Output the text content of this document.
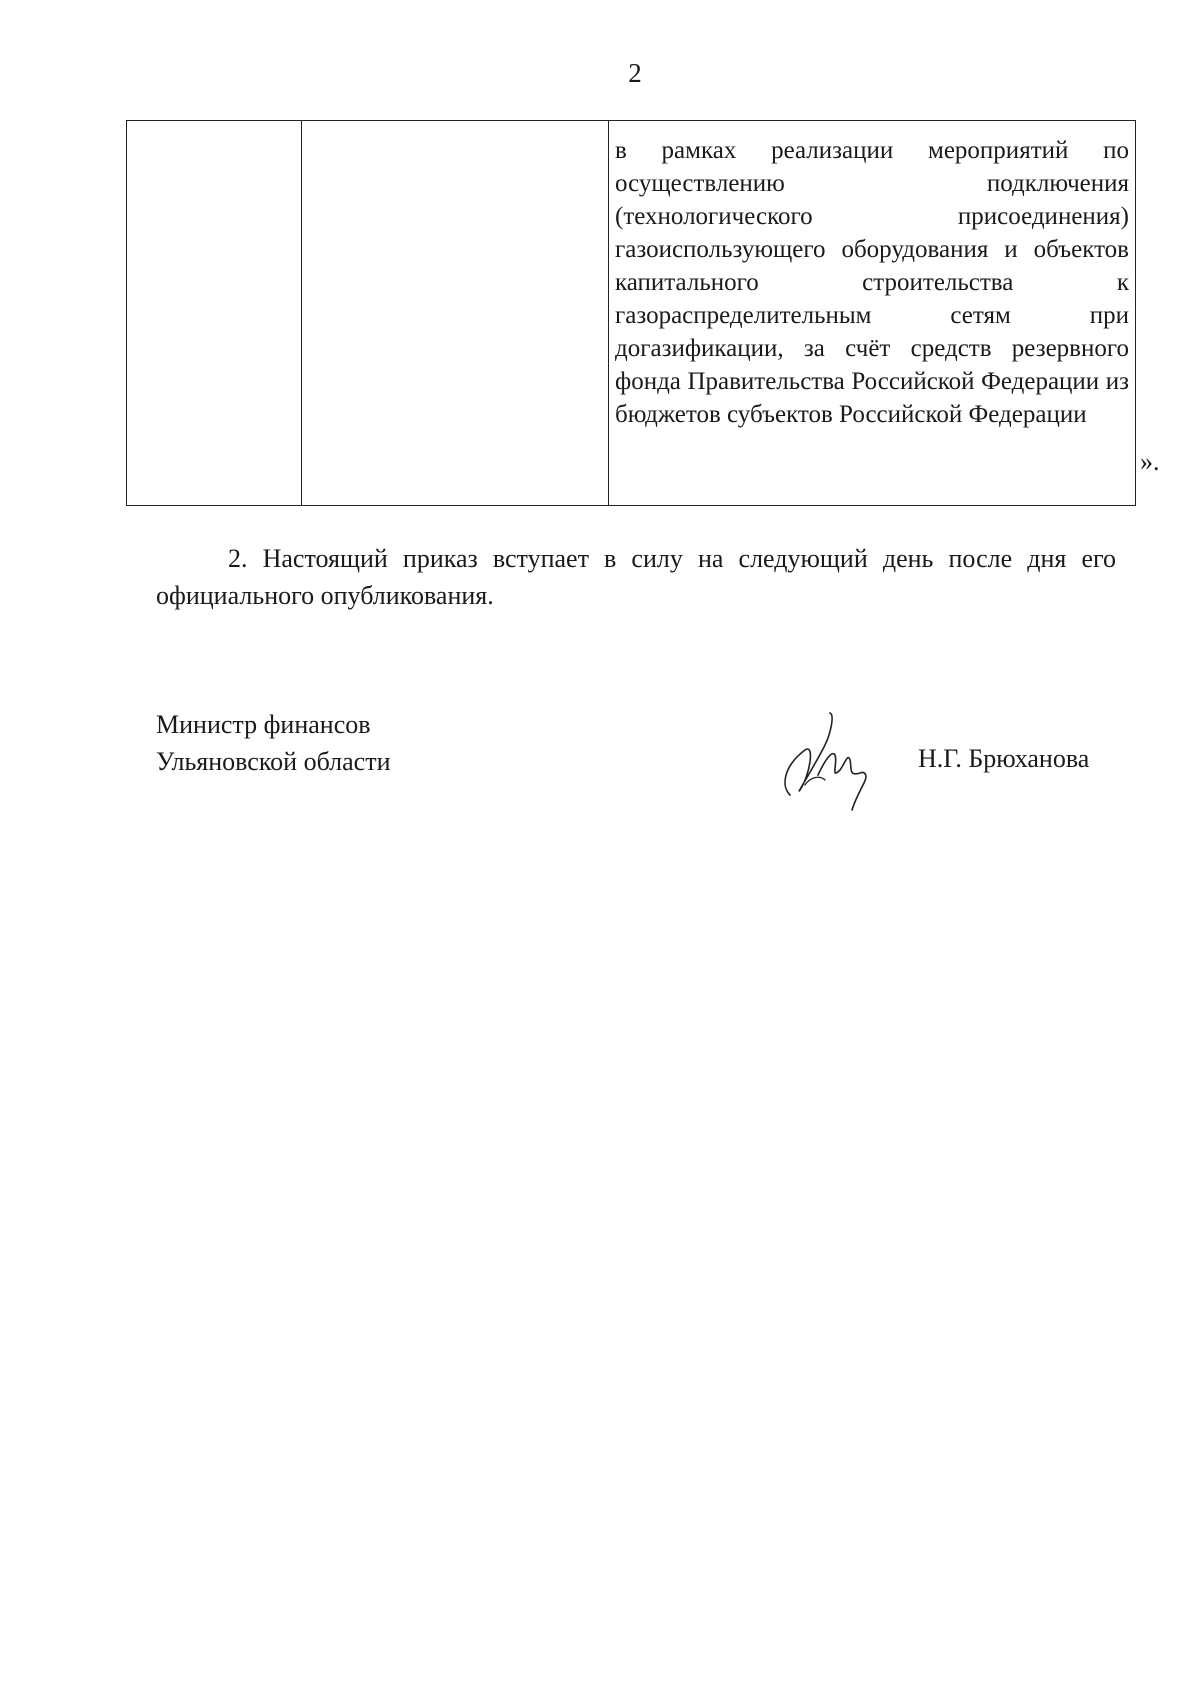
2

в рамках реализации мероприятий по осуществлению подключения (технологического присоединения) газоиспользующего оборудования и объектов капитального строительства к газораспределительным сетям при догазификации, за счёт средств резервного фонда Правительства Российской Федерации из бюджетов субъектов Российской Федерации
».

2. Настоящий приказ вступает в силу на следующий день после дня его официального опубликования.

Министр финансов
Ульяновской области	Н.Г. Брюханова
